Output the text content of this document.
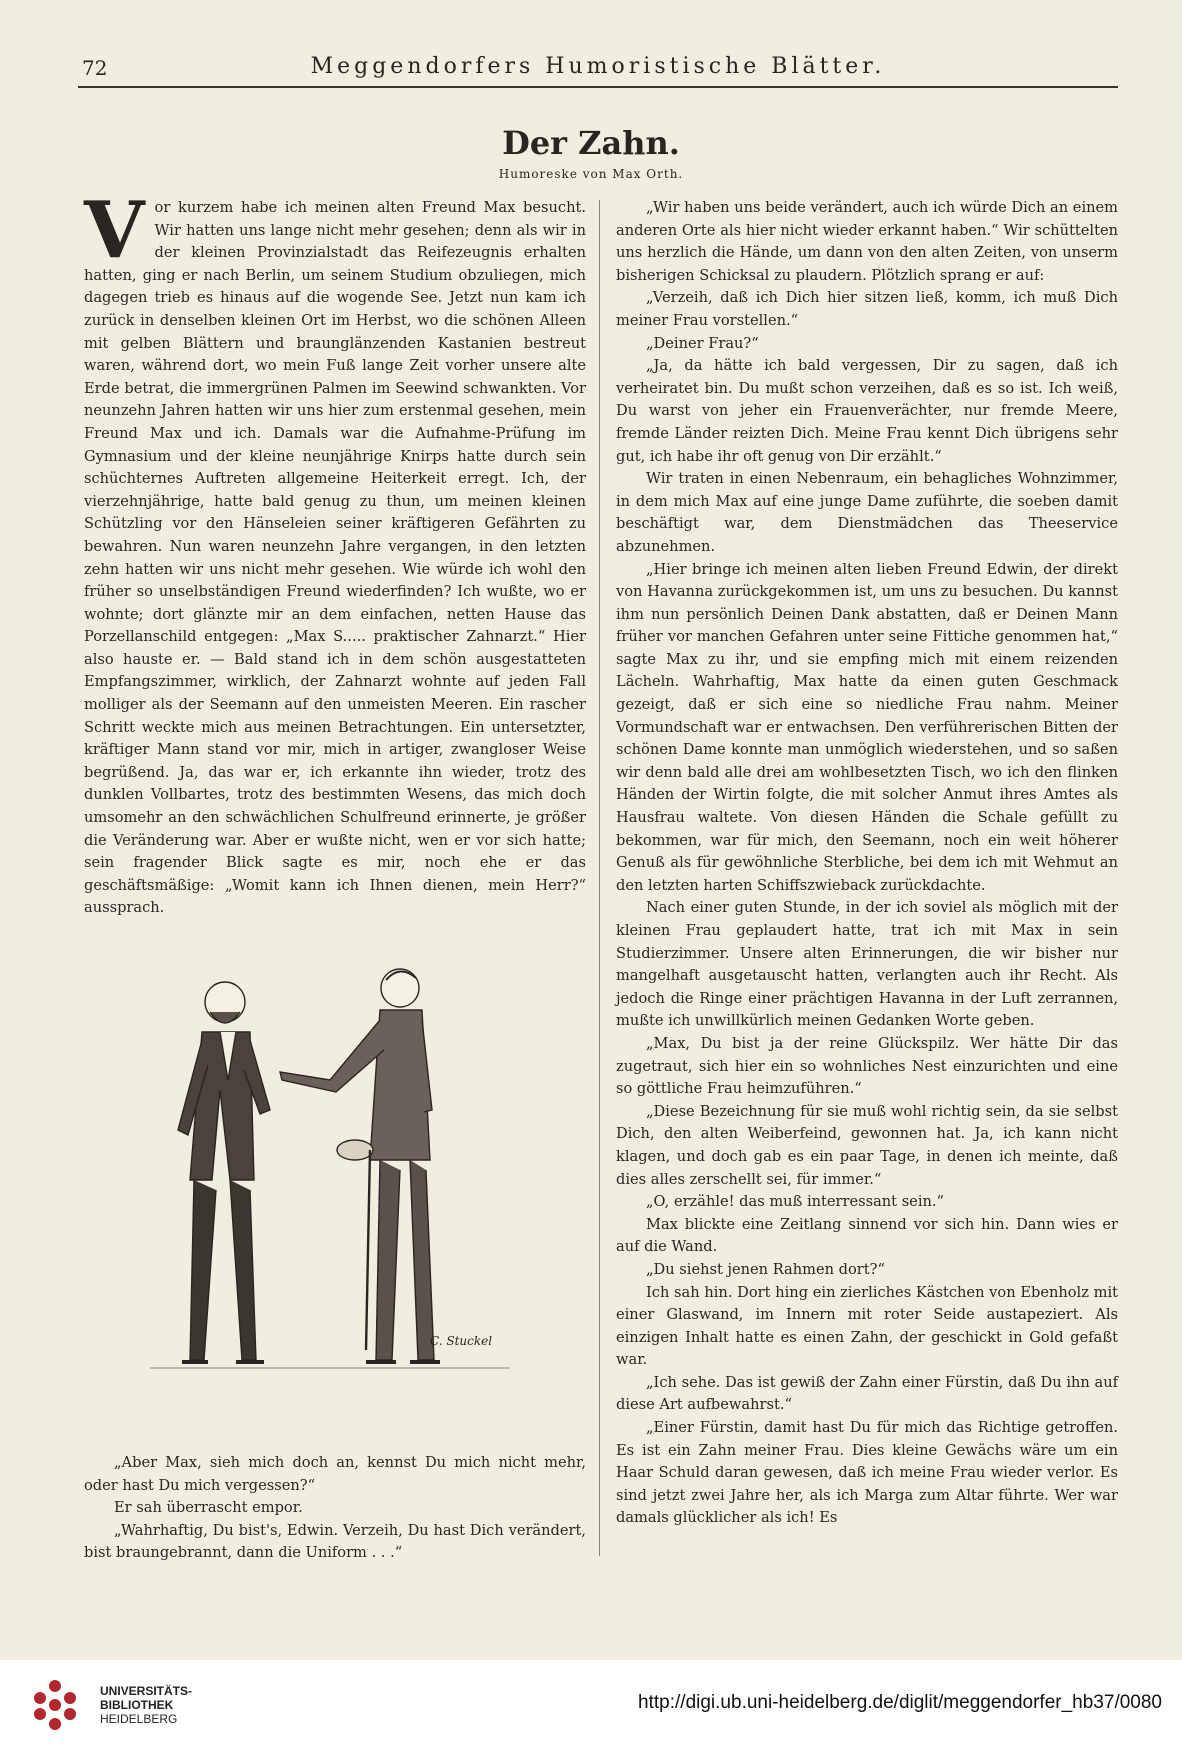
72	Meggendorfers Humoristische Blätter.
Der Zahn.
Humoreske von Max Orth.

Vor kurzem habe ich meinen alten Freund Max besucht. Wir hatten uns lange nicht mehr gesehen; denn als wir in der kleinen Provinzialstadt das Reifezeugnis erhalten hatten, ging er nach Berlin, um seinem Studium obzuliegen, mich dagegen trieb es hinaus auf die wogende See. Jetzt nun kam ich zurück in denselben kleinen Ort im Herbst, wo die schönen Alleen mit gelben Blättern und braunglänzenden Kastanien bestreut waren, während dort, wo mein Fuß lange Zeit vorher unsere alte Erde betrat, die immergrünen Palmen im Seewind schwankten. Vor neunzehn Jahren hatten wir uns hier zum erstenmal gesehen, mein Freund Max und ich. Damals war die Aufnahme-Prüfung im Gymnasium und der kleine neunjährige Knirps hatte durch sein schüchternes Auftreten allgemeine Heiterkeit erregt. Ich, der vierzehnjährige, hatte bald genug zu thun, um meinen kleinen Schützling vor den Hänseleien seiner kräftigeren Gefährten zu bewahren. Nun waren neunzehn Jahre vergangen, in den letzten zehn hatten wir uns nicht mehr gesehen. Wie würde ich wohl den früher so unselbständigen Freund wiederfinden? Ich wußte, wo er wohnte; dort glänzte mir an dem einfachen, netten Hause das Porzellanschild entgegen: „Max S..... praktischer Zahnarzt.“ Hier also hauste er. — Bald stand ich in dem schön ausgestatteten Empfangszimmer, wirklich, der Zahnarzt wohnte auf jeden Fall molliger als der Seemann auf den unmeisten Meeren. Ein rascher Schritt weckte mich aus meinen Betrachtungen. Ein untersetzter, kräftiger Mann stand vor mir, mich in artiger, zwangloser Weise begrüßend. Ja, das war er, ich erkannte ihn wieder, trotz des dunklen Vollbartes, trotz des bestimmten Wesens, das mich doch umsomehr an den schwächlichen Schulfreund erinnerte, je größer die Veränderung war. Aber er wußte nicht, wen er vor sich hatte; sein fragender Blick sagte es mir, noch ehe er das geschäftsmäßige: „Womit kann ich Ihnen dienen, mein Herr?“ aussprach.

C. Stuckel

„Aber Max, sieh mich doch an, kennst Du mich nicht mehr, oder hast Du mich vergessen?“

Er sah überrascht empor.

„Wahrhaftig, Du bist's, Edwin. Verzeih, Du hast Dich verändert, bist braungebrannt, dann die Uniform . . .“

„Wir haben uns beide verändert, auch ich würde Dich an einem anderen Orte als hier nicht wieder erkannt haben.“ Wir schüttelten uns herzlich die Hände, um dann von den alten Zeiten, von unserm bisherigen Schicksal zu plaudern. Plötzlich sprang er auf:

„Verzeih, daß ich Dich hier sitzen ließ, komm, ich muß Dich meiner Frau vorstellen.“

„Deiner Frau?“

„Ja, da hätte ich bald vergessen, Dir zu sagen, daß ich verheiratet bin. Du mußt schon verzeihen, daß es so ist. Ich weiß, Du warst von jeher ein Frauenverächter, nur fremde Meere, fremde Länder reizten Dich. Meine Frau kennt Dich übrigens sehr gut, ich habe ihr oft genug von Dir erzählt.“

Wir traten in einen Nebenraum, ein behagliches Wohnzimmer, in dem mich Max auf eine junge Dame zuführte, die soeben damit beschäftigt war, dem Dienstmädchen das Theeservice abzunehmen.

„Hier bringe ich meinen alten lieben Freund Edwin, der direkt von Havanna zurückgekommen ist, um uns zu besuchen. Du kannst ihm nun persönlich Deinen Dank abstatten, daß er Deinen Mann früher vor manchen Gefahren unter seine Fittiche genommen hat,“ sagte Max zu ihr, und sie empfing mich mit einem reizenden Lächeln. Wahrhaftig, Max hatte da einen guten Geschmack gezeigt, daß er sich eine so niedliche Frau nahm. Meiner Vormundschaft war er entwachsen. Den verführerischen Bitten der schönen Dame konnte man unmöglich wiederstehen, und so saßen wir denn bald alle drei am wohlbesetzten Tisch, wo ich den flinken Händen der Wirtin folgte, die mit solcher Anmut ihres Amtes als Hausfrau waltete. Von diesen Händen die Schale gefüllt zu bekommen, war für mich, den Seemann, noch ein weit höherer Genuß als für gewöhnliche Sterbliche, bei dem ich mit Wehmut an den letzten harten Schiffszwieback zurückdachte.

Nach einer guten Stunde, in der ich soviel als möglich mit der kleinen Frau geplaudert hatte, trat ich mit Max in sein Studierzimmer. Unsere alten Erinnerungen, die wir bisher nur mangelhaft ausgetauscht hatten, verlangten auch ihr Recht. Als jedoch die Ringe einer prächtigen Havanna in der Luft zerrannen, mußte ich unwillkürlich meinen Gedanken Worte geben.

„Max, Du bist ja der reine Glückspilz. Wer hätte Dir das zugetraut, sich hier ein so wohnliches Nest einzurichten und eine so göttliche Frau heimzuführen.“

„Diese Bezeichnung für sie muß wohl richtig sein, da sie selbst Dich, den alten Weiberfeind, gewonnen hat. Ja, ich kann nicht klagen, und doch gab es ein paar Tage, in denen ich meinte, daß dies alles zerschellt sei, für immer.“

„O, erzähle! das muß interressant sein.“

Max blickte eine Zeitlang sinnend vor sich hin. Dann wies er auf die Wand.

„Du siehst jenen Rahmen dort?“

Ich sah hin. Dort hing ein zierliches Kästchen von Ebenholz mit einer Glaswand, im Innern mit roter Seide austapeziert. Als einzigen Inhalt hatte es einen Zahn, der geschickt in Gold gefaßt war.

„Ich sehe. Das ist gewiß der Zahn einer Fürstin, daß Du ihn auf diese Art aufbewahrst.“

„Einer Fürstin, damit hast Du für mich das Richtige getroffen. Es ist ein Zahn meiner Frau. Dies kleine Gewächs wäre um ein Haar Schuld daran gewesen, daß ich meine Frau wieder verlor. Es sind jetzt zwei Jahre her, als ich Marga zum Altar führte. Wer war damals glücklicher als ich! Es

UNIVERSITÄTS-
BIBLIOTHEK
HEIDELBERG
http://digi.ub.uni-heidelberg.de/diglit/meggendorfer_hb37/0080
